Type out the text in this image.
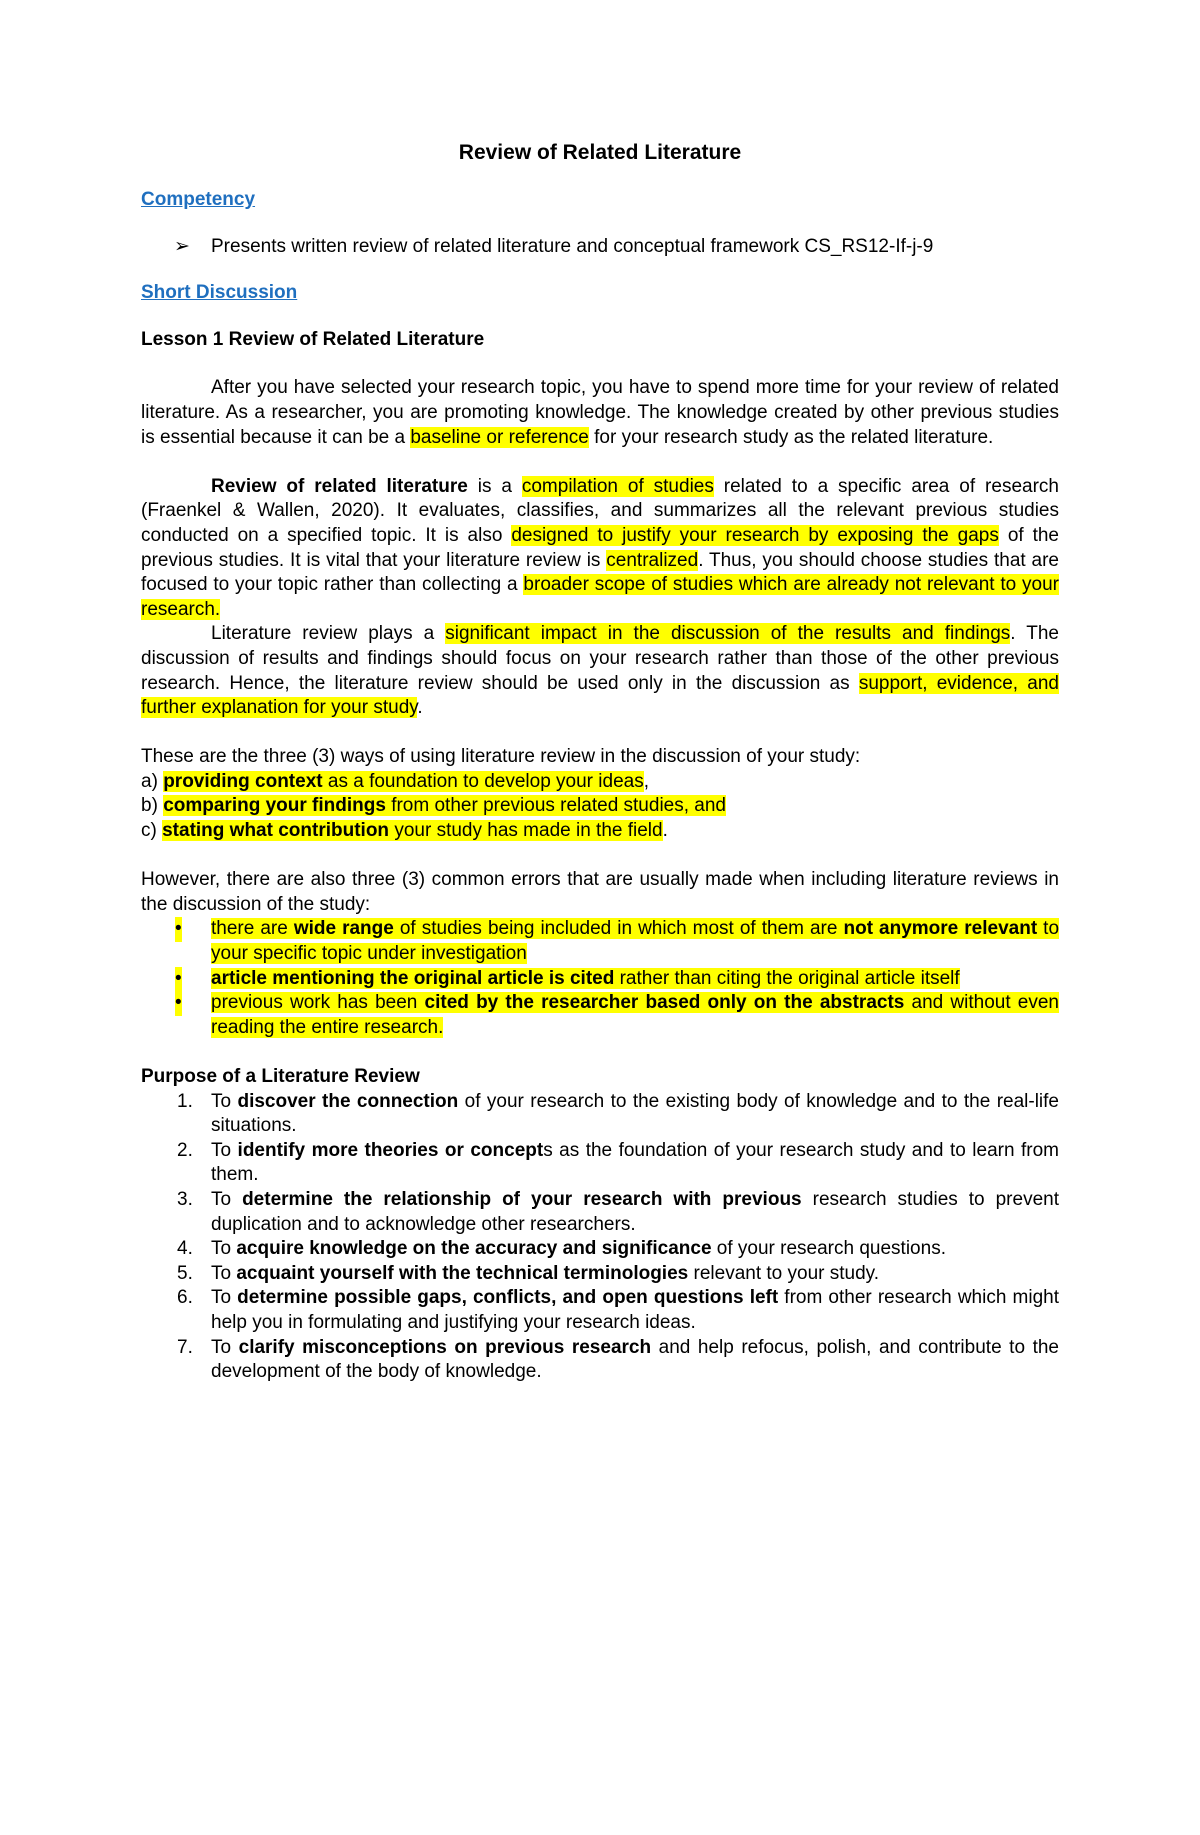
Review of Related Literature
Competency
➢ Presents written review of related literature and conceptual framework CS_RS12-If-j-9
Short Discussion
Lesson 1 Review of Related Literature

After you have selected your research topic, you have to spend more time for your review of related literature. As a researcher, you are promoting knowledge. The knowledge created by other previous studies is essential because it can be a baseline or reference for your research study as the related literature.

Review of related literature is a compilation of studies related to a specific area of research (Fraenkel & Wallen, 2020). It evaluates, classifies, and summarizes all the relevant previous studies conducted on a specified topic. It is also designed to justify your research by exposing the gaps of the previous studies. It is vital that your literature review is centralized. Thus, you should choose studies that are focused to your topic rather than collecting a broader scope of studies which are already not relevant to your research.

Literature review plays a significant impact in the discussion of the results and findings. The discussion of results and findings should focus on your research rather than those of the other previous research. Hence, the literature review should be used only in the discussion as support, evidence, and further explanation for your study.

These are the three (3) ways of using literature review in the discussion of your study:

a) providing context as a foundation to develop your ideas,

b) comparing your findings from other previous related studies, and

c) stating what contribution your study has made in the field.

However, there are also three (3) common errors that are usually made when including literature reviews in the discussion of the study:

• there are wide range of studies being included in which most of them are not anymore relevant to your specific topic under investigation
• article mentioning the original article is cited rather than citing the original article itself
• previous work has been cited by the researcher based only on the abstracts and without even reading the entire research.

Purpose of a Literature Review

1. To discover the connection of your research to the existing body of knowledge and to the real-life situations.
2. To identify more theories or concepts as the foundation of your research study and to learn from them.
3. To determine the relationship of your research with previous research studies to prevent duplication and to acknowledge other researchers.
4. To acquire knowledge on the accuracy and significance of your research questions.
5. To acquaint yourself with the technical terminologies relevant to your study.
6. To determine possible gaps, conflicts, and open questions left from other research which might help you in formulating and justifying your research ideas.
7. To clarify misconceptions on previous research and help refocus, polish, and contribute to the development of the body of knowledge.
